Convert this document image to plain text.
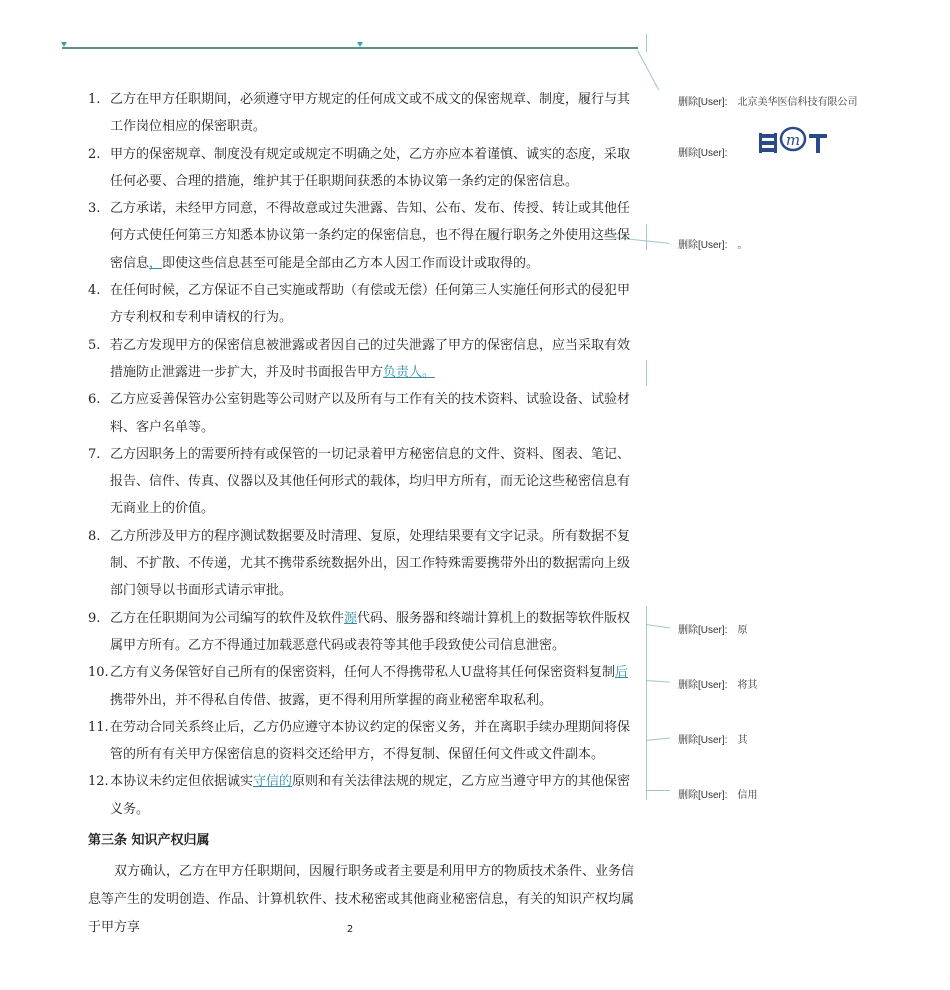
1. 乙方在甲方任职期间，必须遵守甲方规定的任何成文或不成文的保密规章、制度，履行与其工作岗位相应的保密职责。
2. 甲方的保密规章、制度没有规定或规定不明确之处，乙方亦应本着谨慎、诚实的态度，采取任何必要、合理的措施，维护其于任职期间获悉的本协议第一条约定的保密信息。
3. 乙方承诺，未经甲方同意，不得故意或过失泄露、告知、公布、发布、传授、转让或其他任何方式使任何第三方知悉本协议第一条约定的保密信息，也不得在履行职务之外使用这些保密信息，即使这些信息甚至可能是全部由乙方本人因工作而设计或取得的。
4. 在任何时候，乙方保证不自己实施或帮助（有偿或无偿）任何第三人实施任何形式的侵犯甲方专利权和专利申请权的行为。
5. 若乙方发现甲方的保密信息被泄露或者因自己的过失泄露了甲方的保密信息，应当采取有效措施防止泄露进一步扩大，并及时书面报告甲方负责人。
6. 乙方应妥善保管办公室钥匙等公司财产以及所有与工作有关的技术资料、试验设备、试验材料、客户名单等。
7. 乙方因职务上的需要所持有或保管的一切记录着甲方秘密信息的文件、资料、图表、笔记、报告、信件、传真、仪器以及其他任何形式的载体，均归甲方所有，而无论这些秘密信息有无商业上的价值。
8. 乙方所涉及甲方的程序测试数据要及时清理、复原，处理结果要有文字记录。所有数据不复制、不扩散、不传递，尤其不携带系统数据外出，因工作特殊需要携带外出的数据需向上级部门领导以书面形式请示审批。
9. 乙方在任职期间为公司编写的软件及软件源代码、服务器和终端计算机上的数据等软件版权属甲方所有。乙方不得通过加载恶意代码或表符等其他手段致使公司信息泄密。
10. 乙方有义务保管好自己所有的保密资料，任何人不得携带私人U盘将其任何保密资料复制后携带外出，并不得私自传借、披露，更不得利用所掌握的商业秘密牟取私利。
11. 在劳动合同关系终止后，乙方仍应遵守本协议约定的保密义务，并在离职手续办理期间将保管的所有有关甲方保密信息的资料交还给甲方，不得复制、保留任何文件或文件副本。
12. 本协议未约定但依据诚实守信的原则和有关法律法规的规定，乙方应当遵守甲方的其他保密义务。
第三条 知识产权归属
双方确认，乙方在甲方任职期间，因履行职务或者主要是利用甲方的物质技术条件、业务信息等产生的发明创造、作品、计算机软件、技术秘密或其他商业秘密信息，有关的知识产权均属于甲方享	2
删除[User]: 北京美华医信科技有限公司
删除[User]:
删除[User]: 。
删除[User]: 原
删除[User]: 将其
删除[User]: 其
删除[User]: 信用
m
